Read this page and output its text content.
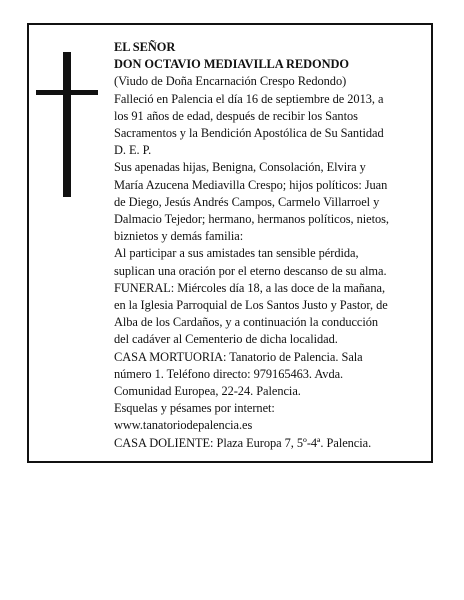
EL SEÑOR
DON OCTAVIO MEDIAVILLA REDONDO
(Viudo de Doña Encarnación Crespo Redondo)
Falleció en Palencia el día 16 de septiembre de 2013, a
los 91 años de edad, después de recibir los Santos
Sacramentos y la Bendición Apostólica de Su Santidad
D. E. P.
Sus apenadas hijas, Benigna, Consolación, Elvira y
María Azucena Mediavilla Crespo; hijos políticos: Juan
de Diego, Jesús Andrés Campos, Carmelo Villarroel y
Dalmacio Tejedor; hermano, hermanos políticos, nietos,
biznietos y demás familia:
Al participar a sus amistades tan sensible pérdida,
suplican una oración por el eterno descanso de su alma.
FUNERAL: Miércoles día 18, a las doce de la mañana,
en la Iglesia Parroquial de Los Santos Justo y Pastor, de
Alba de los Cardaños, y a continuación la conducción
del cadáver al Cementerio de dicha localidad.
CASA MORTUORIA: Tanatorio de Palencia. Sala
número 1. Teléfono directo: 979165463. Avda.
Comunidad Europea, 22-24. Palencia.
Esquelas y pésames por internet:
www.tanatoriodepalencia.es
CASA DOLIENTE: Plaza Europa 7, 5º-4ª. Palencia.
